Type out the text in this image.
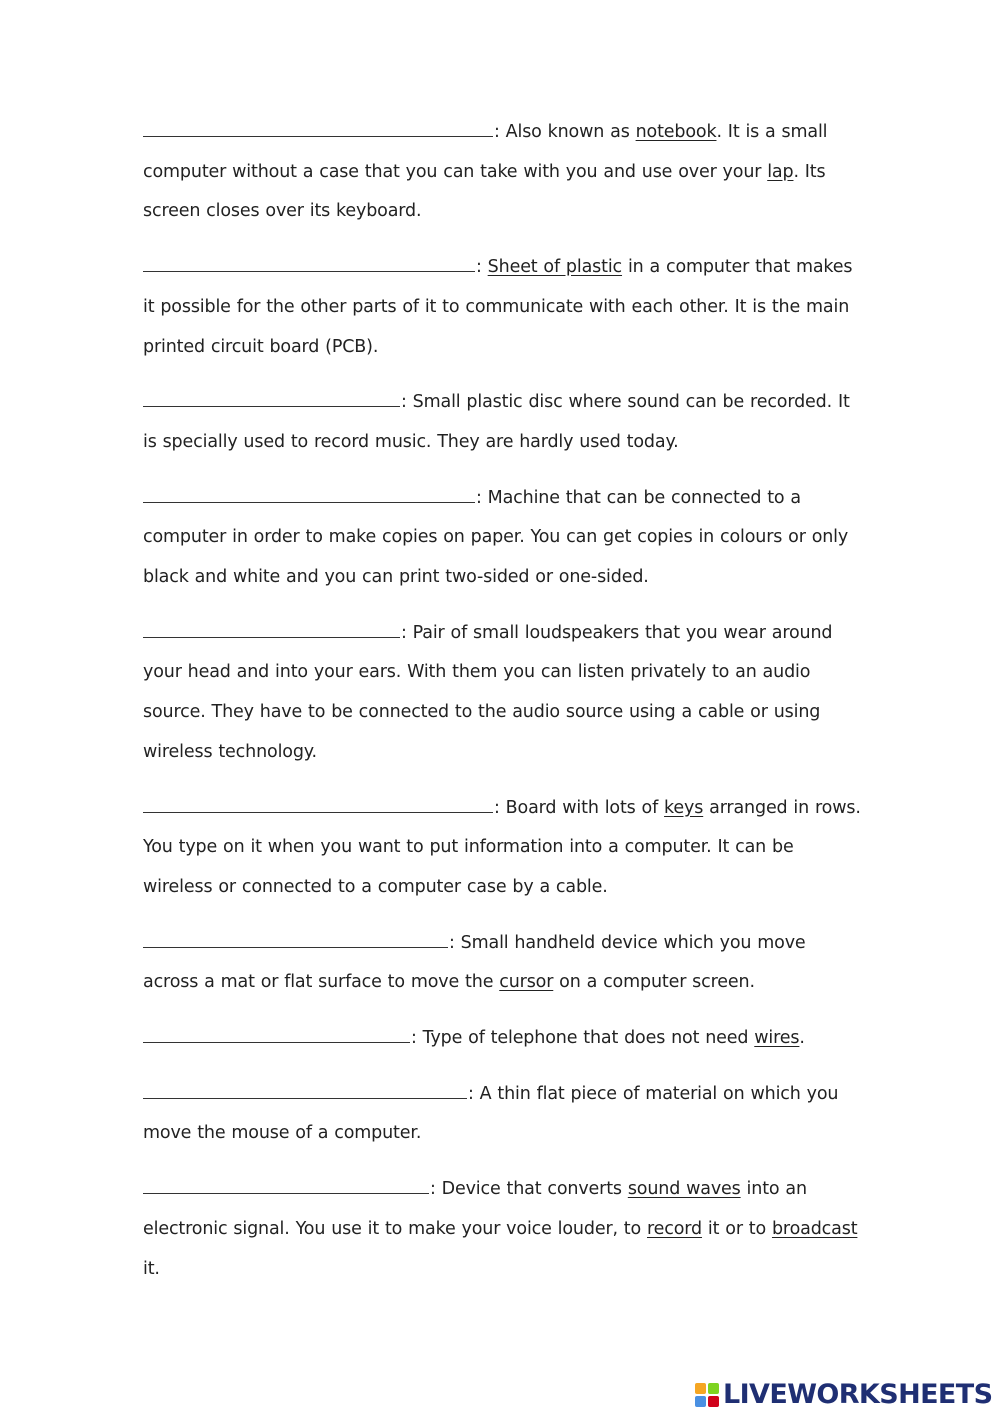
: Also known as notebook. It is a small computer without a case that you can take with you and use over your lap. Its screen closes over its keyboard.

: Sheet of plastic in a computer that makes it possible for the other parts of it to communicate with each other. It is the main printed circuit board (PCB).

: Small plastic disc where sound can be recorded. It is specially used to record music. They are hardly used today.

: Machine that can be connected to a computer in order to make copies on paper. You can get copies in colours or only black and white and you can print two-sided or one-sided.

: Pair of small loudspeakers that you wear around your head and into your ears. With them you can listen privately to an audio source. They have to be connected to the audio source using a cable or using wireless technology.

: Board with lots of keys arranged in rows. You type on it when you want to put information into a computer. It can be wireless or connected to a computer case by a cable.

: Small handheld device which you move across a mat or flat surface to move the cursor on a computer screen.

: Type of telephone that does not need wires.

: A thin flat piece of material on which you move the mouse of a computer.

: Device that converts sound waves into an electronic signal. You use it to make your voice louder, to record it or to broadcast it.

LIVEWORKSHEETS
